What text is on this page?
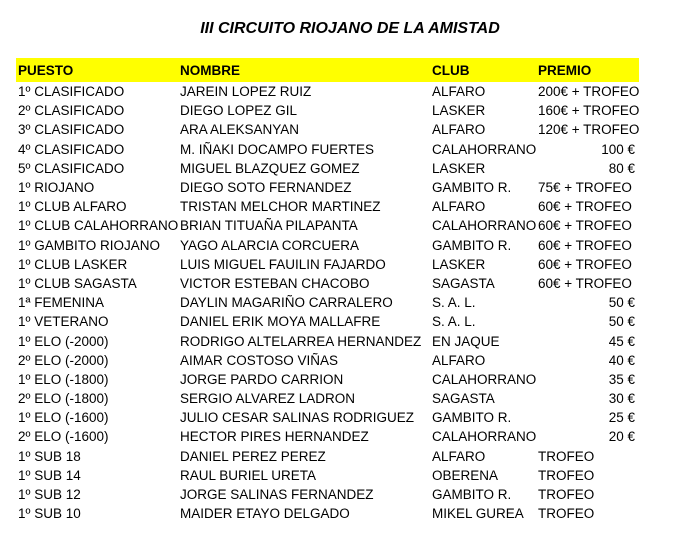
III CIRCUITO RIOJANO DE LA AMISTAD
PUESTO	NOMBRE	CLUB	PREMIO
1º CLASIFICADO	JAREIN LOPEZ RUIZ	ALFARO	200€ + TROFEO
2º CLASIFICADO	DIEGO LOPEZ GIL	LASKER	160€ + TROFEO
3º CLASIFICADO	ARA ALEKSANYAN	ALFARO	120€ + TROFEO
4º CLASIFICADO	M. IÑAKI DOCAMPO FUERTES	CALAHORRANO	100 €
5º CLASIFICADO	MIGUEL BLAZQUEZ GOMEZ	LASKER	80 €
1º RIOJANO	DIEGO SOTO FERNANDEZ	GAMBITO R.	75€ + TROFEO
1º CLUB ALFARO	TRISTAN MELCHOR MARTINEZ	ALFARO	60€ + TROFEO
1º CLUB CALAHORRANO	BRIAN TITUAÑA PILAPANTA	CALAHORRANO	60€ + TROFEO
1º GAMBITO RIOJANO	YAGO ALARCIA CORCUERA	GAMBITO R.	60€ + TROFEO
1º CLUB LASKER	LUIS MIGUEL FAUILIN FAJARDO	LASKER	60€ + TROFEO
1º CLUB SAGASTA	VICTOR ESTEBAN CHACOBO	SAGASTA	60€ + TROFEO
1ª FEMENINA	DAYLIN MAGARIÑO CARRALERO	S. A. L.	50 €
1º VETERANO	DANIEL ERIK MOYA MALLAFRE	S. A. L.	50 €
1º ELO (-2000)	RODRIGO ALTELARREA HERNANDEZ	EN JAQUE	45 €
2º ELO (-2000)	AIMAR COSTOSO VIÑAS	ALFARO	40 €
1º ELO (-1800)	JORGE PARDO CARRION	CALAHORRANO	35 €
2º ELO (-1800)	SERGIO ALVAREZ LADRON	SAGASTA	30 €
1º ELO (-1600)	JULIO CESAR SALINAS RODRIGUEZ	GAMBITO R.	25 €
2º ELO (-1600)	HECTOR PIRES HERNANDEZ	CALAHORRANO	20 €
1º SUB 18	DANIEL PEREZ PEREZ	ALFARO	TROFEO
1º SUB 14	RAUL BURIEL URETA	OBERENA	TROFEO
1º SUB 12	JORGE SALINAS FERNANDEZ	GAMBITO R.	TROFEO
1º SUB 10	MAIDER ETAYO DELGADO	MIKEL GUREA	TROFEO
